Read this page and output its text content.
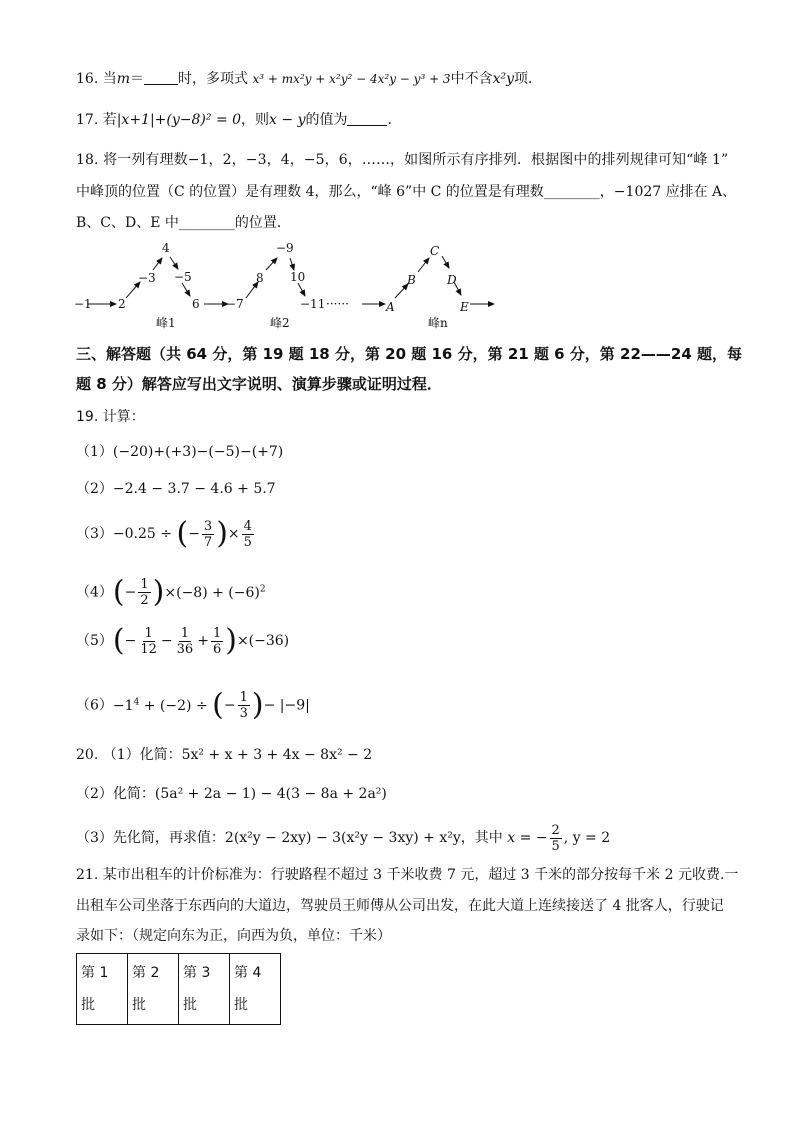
16. 当m＝ 时，多项式 x³ + mx²y + x²y² − 4x²y − y³ + 3中不含x²y项．
17. 若|x+1|+(y−8)² = 0，则x − y的值为	．
18. 将一列有理数−1，2，−3，4，−5，6，……，如图所示有序排列．根据图中的排列规律可知“峰 1”
中峰顶的位置（C 的位置）是有理数 4，那么，“峰 6”中 C 的位置是有理数________，−1027 应排在 A、
B、C、D、E 中________的位置．
−1 2
−3
4
−5
6 −7
8
−9
10
−11 ······	A
B
C
D
E
峰1	峰2	峰n
三、解答题（共 64 分，第 19 题 18 分，第 20 题 16 分，第 21 题 6 分，第 22——24 题，每
题 8 分）解答应写出文字说明、演算步骤或证明过程．
19. 计算：
（1）(−20)+(+3)−(−5)−(+7)
（2）−2.4 − 3.7 − 4.6 + 5.7
（3）−0.25 ÷ (− $\frac{3}{7}$ )× $\frac{4}{5}$
$(4)(- \frac{1}{2} )\times(-8) + (-6)^2$
$(5)(- \frac{1}{12} - \frac{1}{36} + \frac{1}{6} )\times(-36)$
$(6)-1^4 + (-2)$ ÷ (− $\frac{1}{3}$ )− |−9|
20. （1）化简：5x² + x + 3 + 4x − 8x² − 2
（2）化简：(5a² + 2a − 1) − 4(3 − 8a + 2a²)
（3）先化简，再求值：2(x²y − 2xy) − 3(x²y − 3xy) + x²y，其中 x = − $\frac{2}{5}$ , y = 2
21. 某市出租车的计价标准为：行驶路程不超过 3 千米收费 7 元，超过 3 千米的部分按每千米 2 元收费.一
出租车公司坐落于东西向的大道边，驾驶员王师傅从公司出发，在此大道上连续接送了 4 批客人，行驶记
录如下：（规定向东为正，向西为负，单位：千米）
第 1
批	第 2
批	第 3
批	第 4
批
